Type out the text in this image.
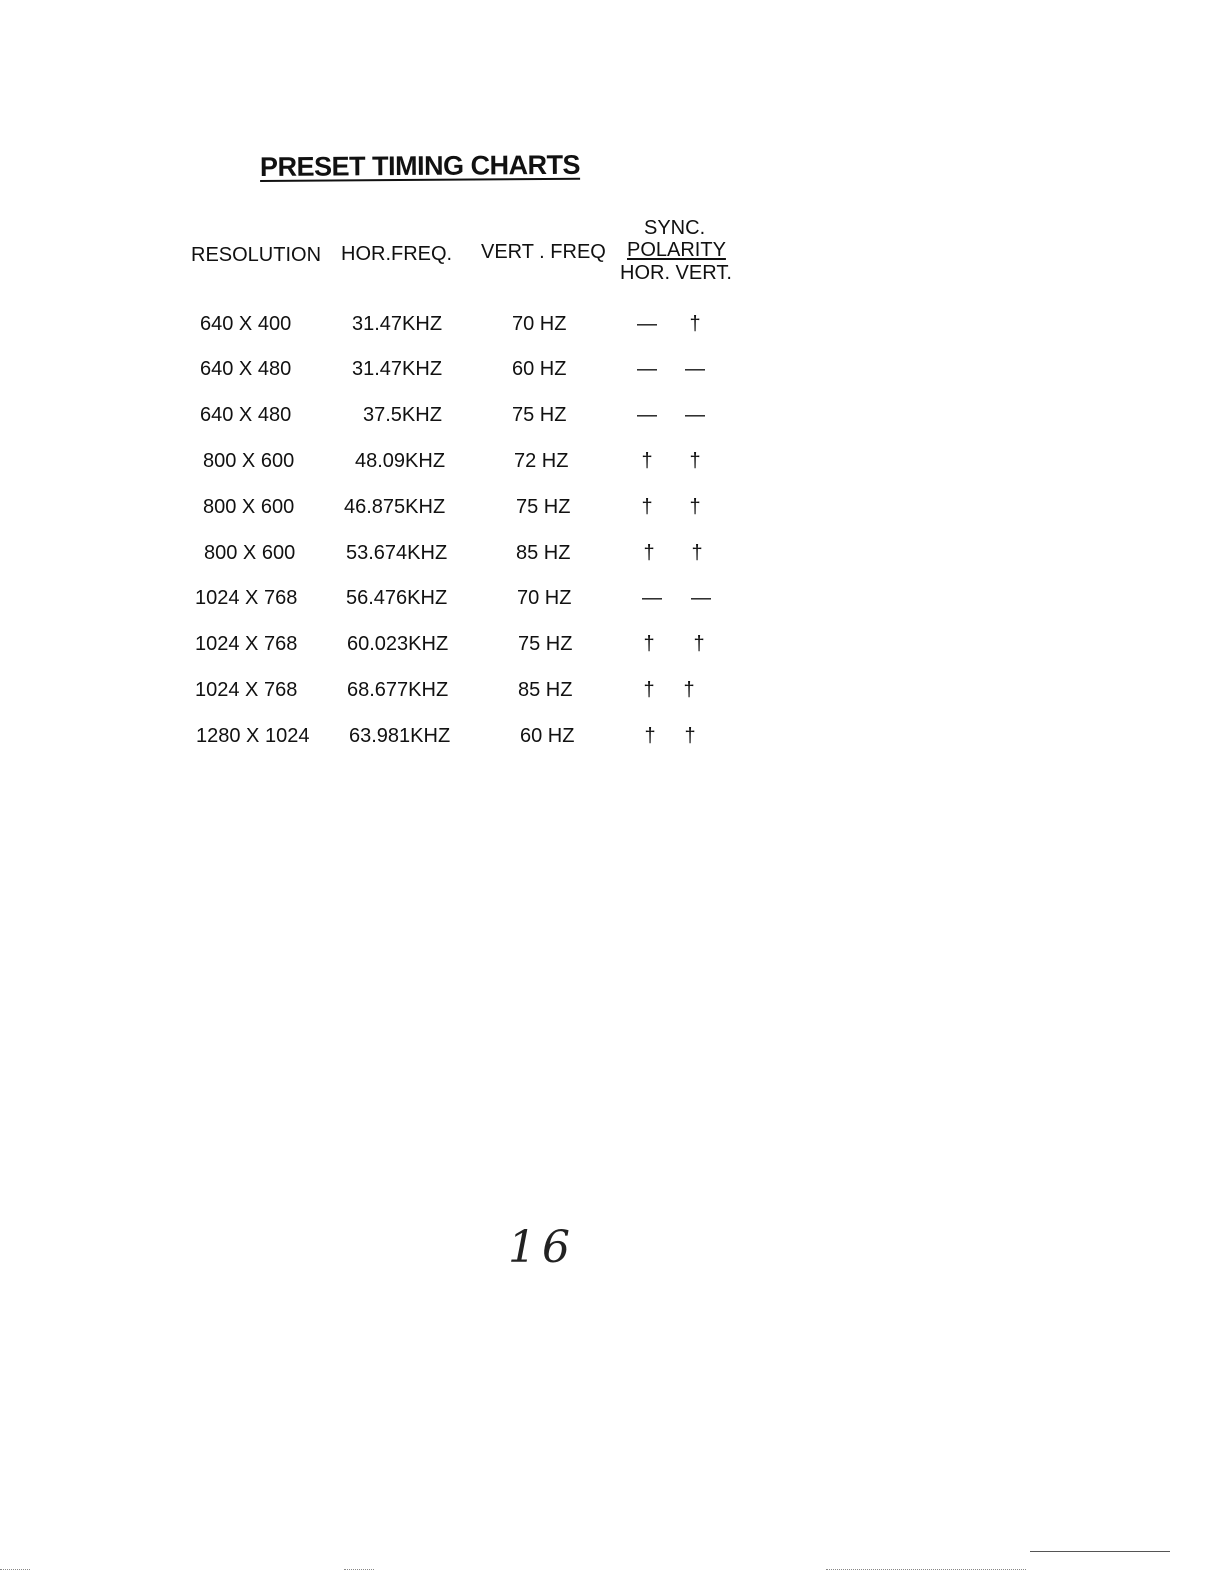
PRESET TIMING CHARTS
RESOLUTION HOR.FREQ. VERT . FREQ
SYNC.
POLARITY
HOR. VERT.
640 X 400	31.47KHZ	70 HZ	— †
640 X 480	31.47KHZ	60 HZ	— —
640 X 480	37.5KHZ	75 HZ	— —
800 X 600	48.09KHZ	72 HZ	† †
800 X 600 46.875KHZ	75 HZ	† †
800 X 600	53.674KHZ	85 HZ	† †
1024 X 768 56.476KHZ	70 HZ	— —
1024 X 768 60.023KHZ	75 HZ	† †
1024 X 768 68.677KHZ	85 HZ	† †
1280 X 1024 63.981KHZ	60 HZ	† †
16
